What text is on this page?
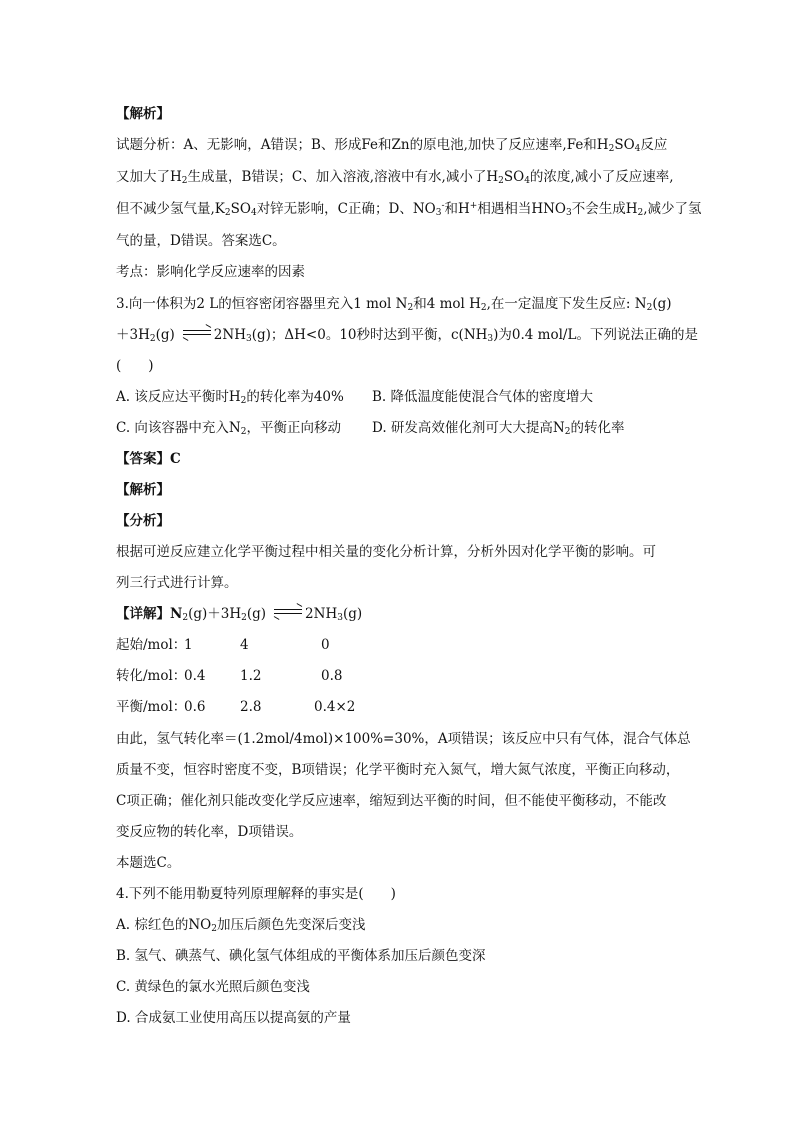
【解析】
试题分析：A、无影响，A错误；B、形成Fe和Zn的原电池,加快了反应速率,Fe和$H_2SO_4$反应
又加大了$H_2$生成量，B错误；C、加入溶液,溶液中有水,减小了$H_2SO_4$的浓度,减小了反应速率,
但不减少氢气量$,K_2SO_4$对锌无影响，C正确；D、$NO_3^-$和H+相遇相当$HNO_3$不会生成$H_2$,减少了氢
气的量，D错误。答案选C。
考点：影响化学反应速率的因素
3.向一体积为2 L的恒容密闭容器里充入1 mol $N_2$和4 mol $H_2$,在一定温度下发生反应: $N_2(g)$
$+3H_2(g)$	$2NH_3(g)$；ΔH<0。10秒时达到平衡，$c(NH_3)$为0.4 mol/L。下列说法正确的是
(　　)
A. 该反应达平衡时$H_2$的转化率为40% B. 降低温度能使混合气体的密度增大
C. 向该容器中充入$N_2$，平衡正向移动 D. 研发高效催化剂可大大提高$N_2$的转化率
【答案】C
【解析】
【分析】
根据可逆反应建立化学平衡过程中相关量的变化分析计算，分析外因对化学平衡的影响。可
列三行式进行计算。
【详解】$N_2(g)+3H_2(g)$	$2NH_3(g)$
起始/mol：
1	4	0
转化/mol：
0.4	1.2	0.8
平衡/mol：
0.6	2.8	0.4×2
由此，氢气转化率＝(1.2mol/4mol)×100%=30%，A项错误；该反应中只有气体，混合气体总
质量不变，恒容时密度不变，B项错误；化学平衡时充入氮气，增大氮气浓度，平衡正向移动，
C项正确；催化剂只能改变化学反应速率，缩短到达平衡的时间，但不能使平衡移动，不能改
变反应物的转化率，D项错误。
本题选C。
4.下列不能用勒夏特列原理解释的事实是(　　)
A. 棕红色的$NO_2$加压后颜色先变深后变浅
B. 氢气、碘蒸气、碘化氢气体组成的平衡体系加压后颜色变深
C. 黄绿色的氯水光照后颜色变浅
D. 合成氨工业使用高压以提高氨的产量
